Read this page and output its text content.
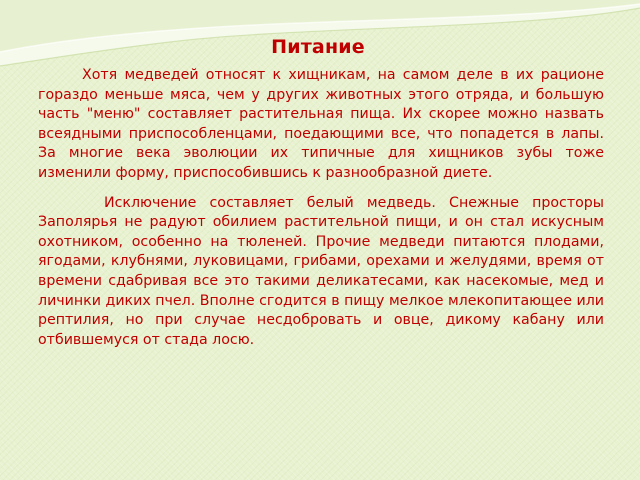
Питание

Хотя медведей относят к хищникам, на самом деле в их рационе гораздо меньше мяса, чем у других животных этого отряда, и большую часть "меню" составляет растительная пища. Их скорее можно назвать всеядными приспособленцами, поедающими все, что попадется в лапы. За многие века эволюции их типичные для хищников зубы тоже изменили форму, приспособившись к разнообразной диете.

Исключение составляет белый медведь. Снежные просторы Заполярья не радуют обилием растительной пищи, и он стал искусным охотником, особенно на тюленей. Прочие медведи питаются плодами, ягодами, клубнями, луковицами, грибами, орехами и желудями, время от времени сдабривая все это такими деликатесами, как насекомые, мед и личинки диких пчел. Вполне сгодится в пищу мелкое млекопитающее или рептилия, но при случае несдобровать и овце, дикому кабану или отбившемуся от стада лосю.
